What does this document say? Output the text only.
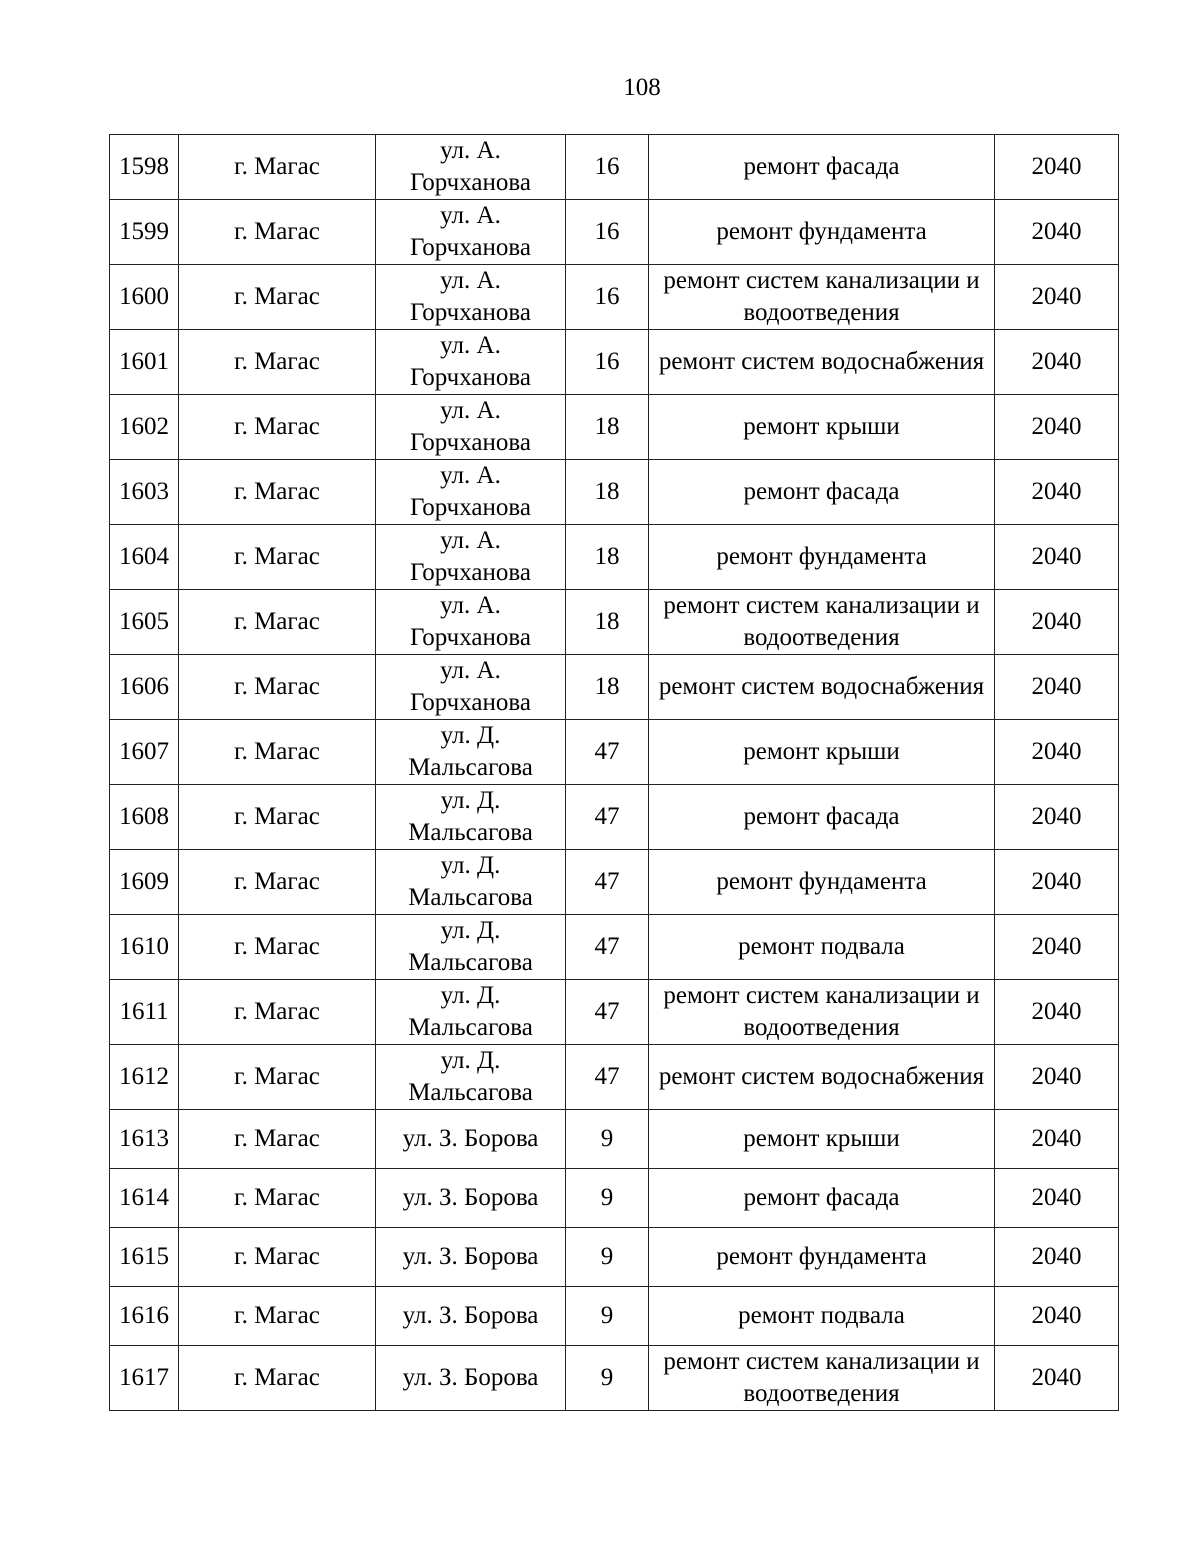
108
1598	г. Магас	ул. А. Горчханова	16	ремонт фасада	2040
1599	г. Магас	ул. А. Горчханова	16	ремонт фундамента	2040
1600	г. Магас	ул. А. Горчханова	16	ремонт систем канализации и водоотведения	2040
1601	г. Магас	ул. А. Горчханова	16	ремонт систем водоснабжения	2040
1602	г. Магас	ул. А. Горчханова	18	ремонт крыши	2040
1603	г. Магас	ул. А. Горчханова	18	ремонт фасада	2040
1604	г. Магас	ул. А. Горчханова	18	ремонт фундамента	2040
1605	г. Магас	ул. А. Горчханова	18	ремонт систем канализации и водоотведения	2040
1606	г. Магас	ул. А. Горчханова	18	ремонт систем водоснабжения	2040
1607	г. Магас	ул. Д. Мальсагова	47	ремонт крыши	2040
1608	г. Магас	ул. Д. Мальсагова	47	ремонт фасада	2040
1609	г. Магас	ул. Д. Мальсагова	47	ремонт фундамента	2040
1610	г. Магас	ул. Д. Мальсагова	47	ремонт подвала	2040
1611	г. Магас	ул. Д. Мальсагова	47	ремонт систем канализации и водоотведения	2040
1612	г. Магас	ул. Д. Мальсагова	47	ремонт систем водоснабжения	2040
1613	г. Магас	ул. З. Борова	9	ремонт крыши	2040
1614	г. Магас	ул. З. Борова	9	ремонт фасада	2040
1615	г. Магас	ул. З. Борова	9	ремонт фундамента	2040
1616	г. Магас	ул. З. Борова	9	ремонт подвала	2040
1617	г. Магас	ул. З. Борова	9	ремонт систем канализации и водоотведения	2040
